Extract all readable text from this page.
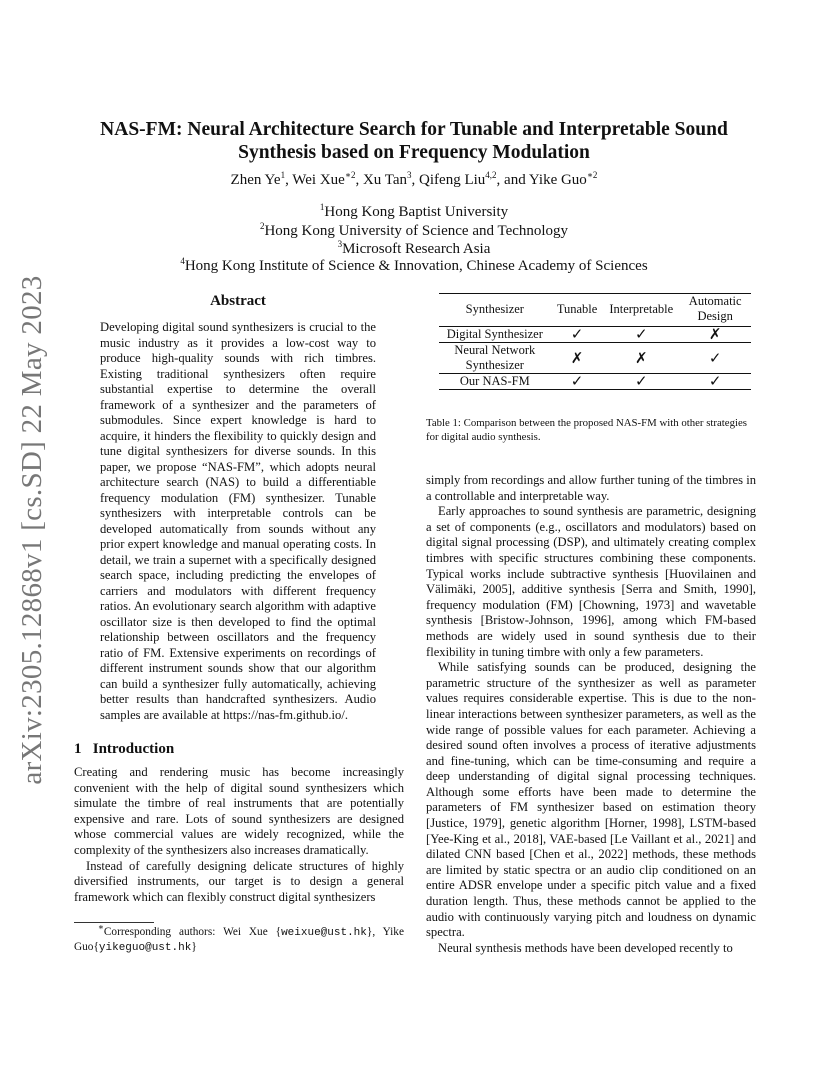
arXiv:2305.12868v1 [cs.SD] 22 May 2023
NAS-FM: Neural Architecture Search for Tunable and Interpretable Sound Synthesis based on Frequency Modulation
Zhen Ye$^1$, Wei Xue$^{∗2}$, Xu Tan$^3$, Qifeng Liu$^{4,2}$, and Yike Guo$^{∗2}$
$^1$Hong Kong Baptist University
$^2$Hong Kong University of Science and Technology
$^3$Microsoft Research Asia
$^4$Hong Kong Institute of Science & Innovation, Chinese Academy of Sciences
Abstract
Developing digital sound synthesizers is crucial to the music industry as it provides a low-cost way to produce high-quality sounds with rich timbres. Existing traditional synthesizers often require substantial expertise to determine the overall framework of a synthesizer and the parameters of submodules. Since expert knowledge is hard to acquire, it hinders the flexibility to quickly design and tune digital synthesizers for diverse sounds. In this paper, we propose “NAS-FM”, which adopts neural architecture search (NAS) to build a differentiable frequency modulation (FM) synthesizer. Tunable synthesizers with interpretable controls can be developed automatically from sounds without any prior expert knowledge and manual operating costs. In detail, we train a supernet with a specifically designed search space, including predicting the envelopes of carriers and modulators with different frequency ratios. An evolutionary search algorithm with adaptive oscillator size is then developed to find the optimal relationship between oscillators and the frequency ratio of FM. Extensive experiments on recordings of different instrument sounds show that our algorithm can build a synthesizer fully automatically, achieving better results than handcrafted synthesizers. Audio samples are available at https://nas-fm.github.io/.
1 Introduction

Creating and rendering music has become increasingly convenient with the help of digital sound synthesizers which simulate the timbre of real instruments that are potentially expensive and rare. Lots of sound synthesizers are designed whose commercial values are widely recognized, while the complexity of the synthesizers also increases dramatically.

Instead of carefully designing delicate structures of highly diversified instruments, our target is to design a general framework which can flexibly construct digital synthesizers

∗Corresponding authors: Wei Xue {weixue@ust.hk}, Yike Guo{yikeguo@ust.hk}
Synthesizer	Tunable	Interpretable	Automatic Design
Digital Synthesizer	✓	✓	✗
Neural Network Synthesizer	✗	✗	✓
Our NAS-FM	✓	✓	✓
Table 1: Comparison between the proposed NAS-FM with other strategies for digital audio synthesis.

simply from recordings and allow further tuning of the timbres in a controllable and interpretable way.

Early approaches to sound synthesis are parametric, designing a set of components (e.g., oscillators and modulators) based on digital signal processing (DSP), and ultimately creating complex timbres with specific structures combining these components. Typical works include subtractive synthesis [Huovilainen and Välimäki, 2005], additive synthesis [Serra and Smith, 1990], frequency modulation (FM) [Chowning, 1973] and wavetable synthesis [Bristow-Johnson, 1996], among which FM-based methods are widely used in sound synthesis due to their flexibility in tuning timbre with only a few parameters.

While satisfying sounds can be produced, designing the parametric structure of the synthesizer as well as parameter values requires considerable expertise. This is due to the non-linear interactions between synthesizer parameters, as well as the wide range of possible values for each parameter. Achieving a desired sound often involves a process of iterative adjustments and fine-tuning, which can be time-consuming and require a deep understanding of digital signal processing techniques. Although some efforts have been made to determine the parameters of FM synthesizer based on estimation theory [Justice, 1979], genetic algorithm [Horner, 1998], LSTM-based [Yee-King et al., 2018], VAE-based [Le Vaillant et al., 2021] and dilated CNN based [Chen et al., 2022] methods, these methods are limited by static spectra or an audio clip conditioned on an entire ADSR envelope under a specific pitch value and a fixed duration length. Thus, these methods cannot be applied to the audio with continuously varying pitch and loudness on dynamic spectra.

Neural synthesis methods have been developed recently to
